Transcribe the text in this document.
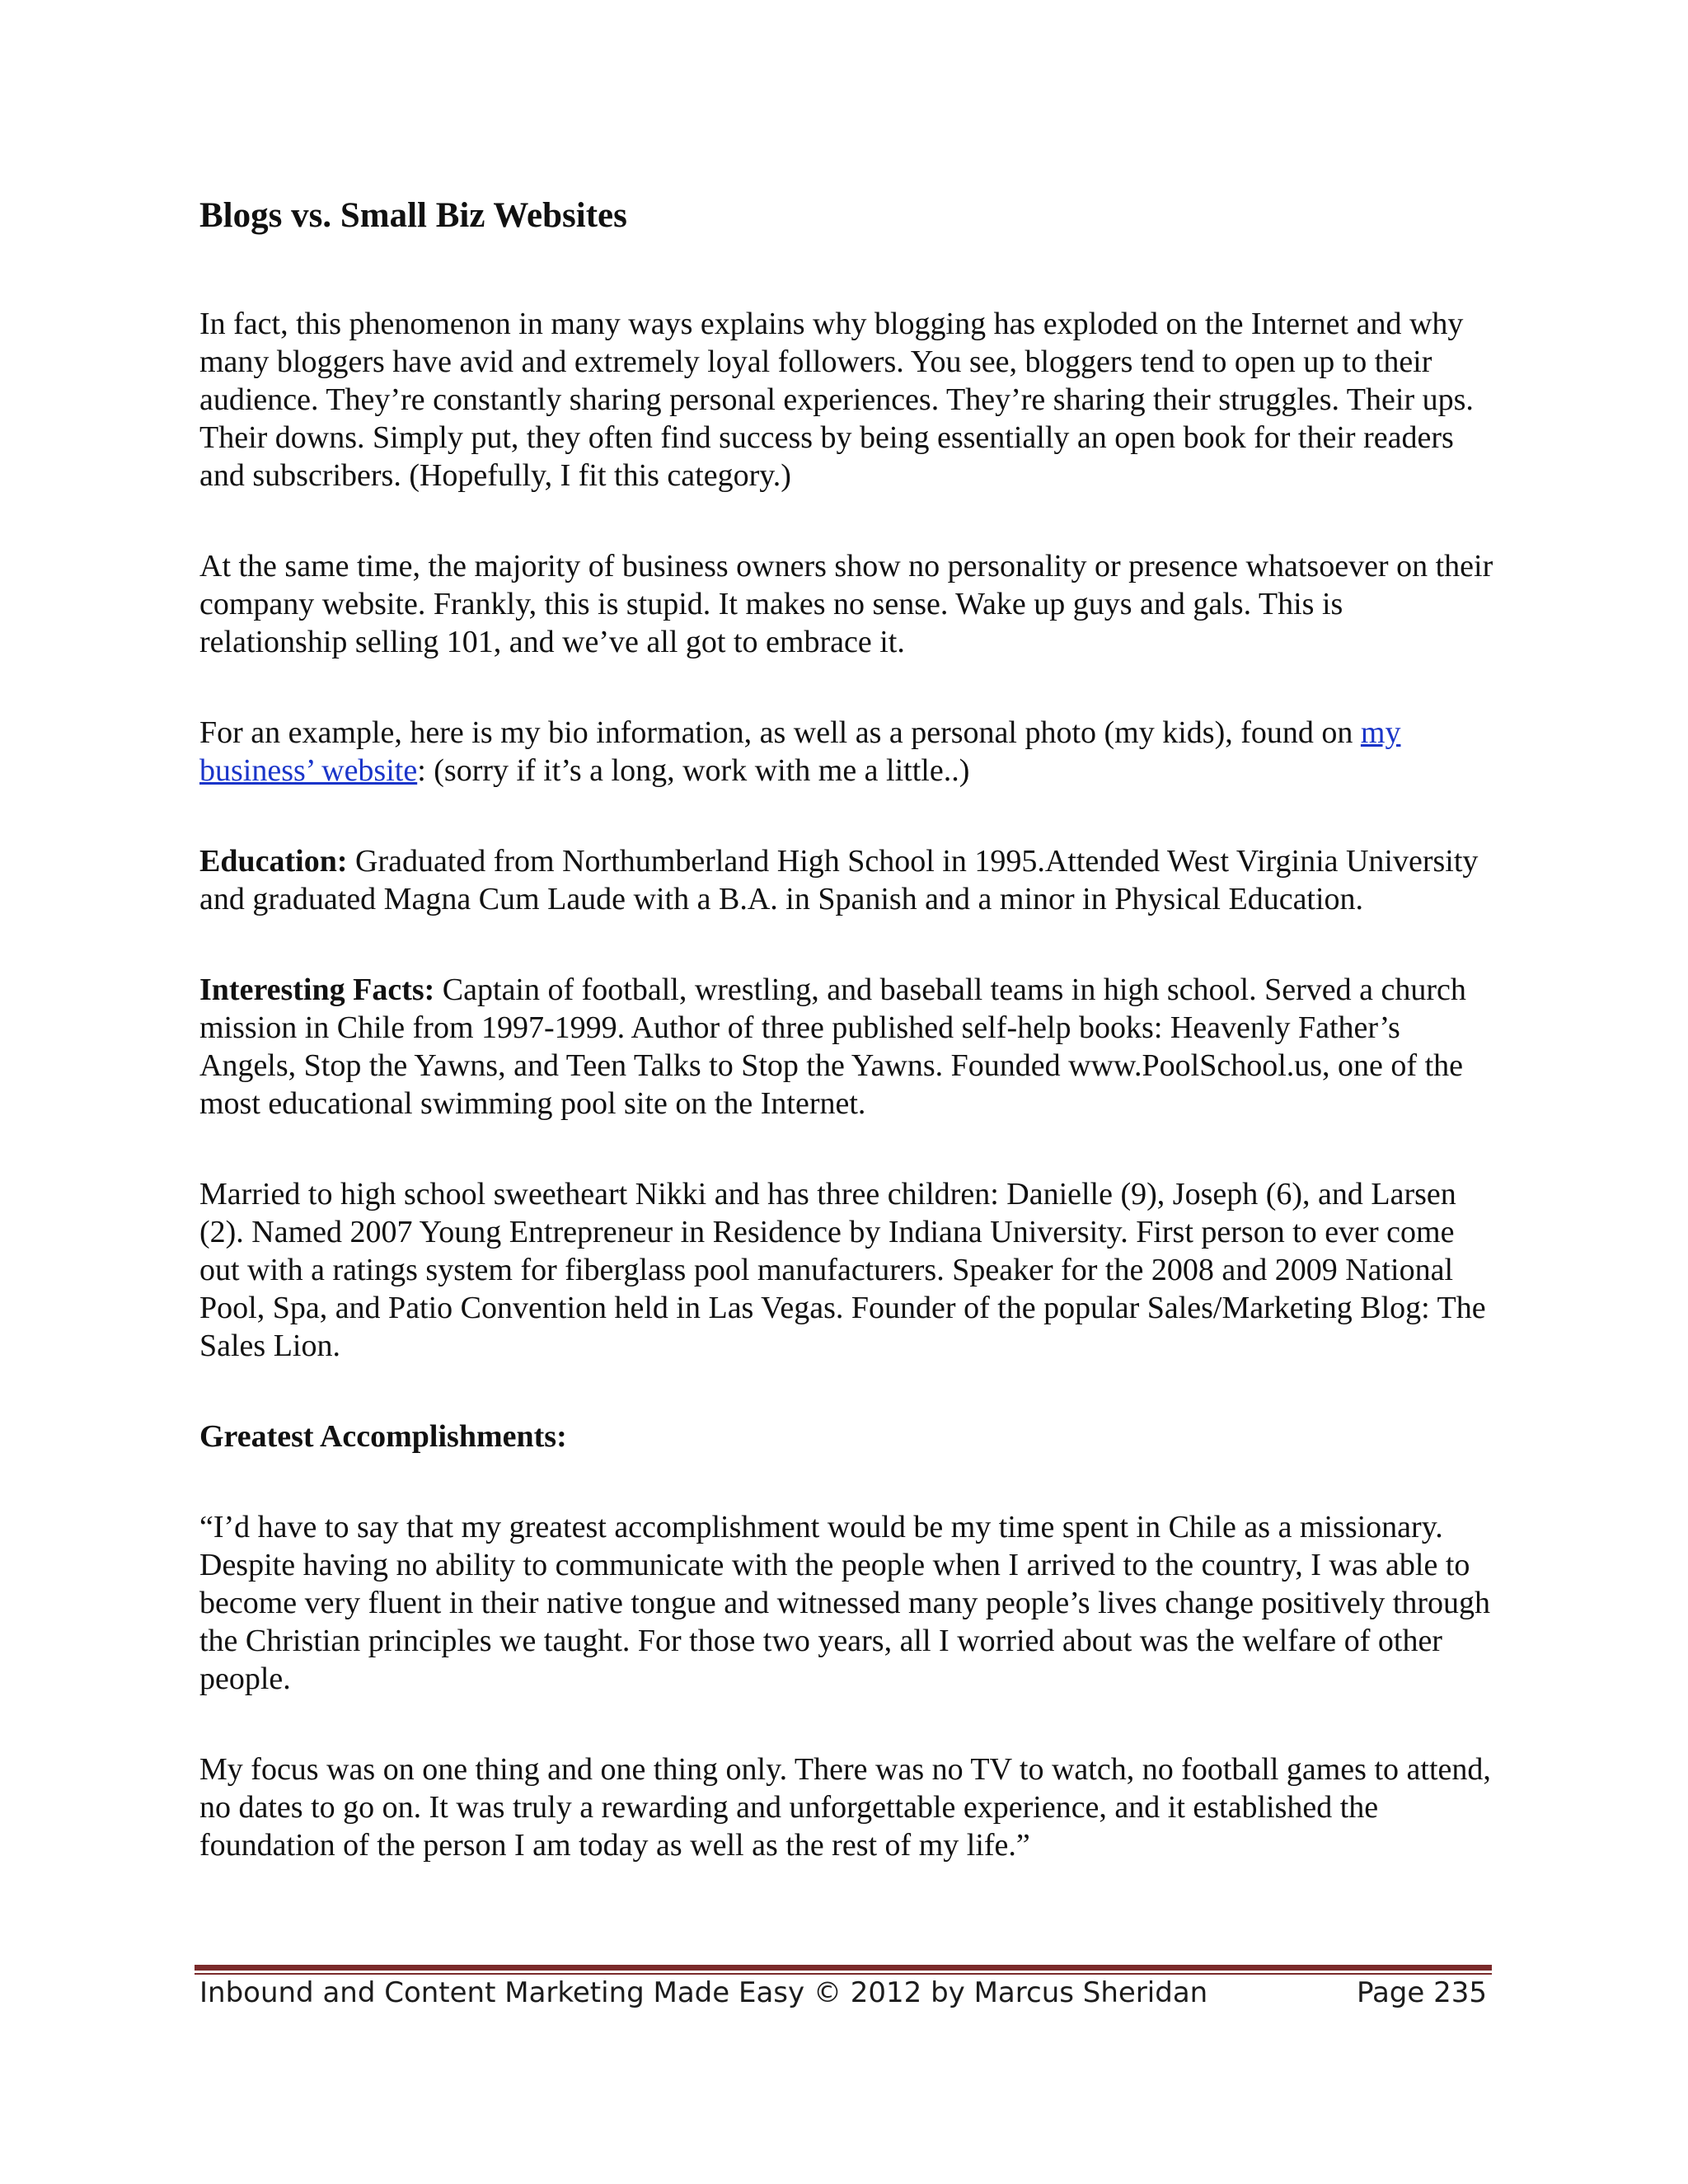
Blogs vs. Small Biz Websites

In fact, this phenomenon in many ways explains why blogging has exploded on the Internet and why many bloggers have avid and extremely loyal followers. You see, bloggers tend to open up to their audience. They’re constantly sharing personal experiences. They’re sharing their struggles. Their ups. Their downs. Simply put, they often find success by being essentially an open book for their readers and subscribers. (Hopefully, I fit this category.)

At the same time, the majority of business owners show no personality or presence whatsoever on their company website. Frankly, this is stupid. It makes no sense. Wake up guys and gals. This is relationship selling 101, and we’ve all got to embrace it.

For an example, here is my bio information, as well as a personal photo (my kids), found on my business’ website: (sorry if it’s a long, work with me a little..)

Education: Graduated from Northumberland High School in 1995.Attended West Virginia University and graduated Magna Cum Laude with a B.A. in Spanish and a minor in Physical Education.

Interesting Facts: Captain of football, wrestling, and baseball teams in high school. Served a church mission in Chile from 1997-1999. Author of three published self-help books: Heavenly Father’s Angels, Stop the Yawns, and Teen Talks to Stop the Yawns. Founded www.PoolSchool.us, one of the most educational swimming pool site on the Internet.

Married to high school sweetheart Nikki and has three children: Danielle (9), Joseph (6), and Larsen (2). Named 2007 Young Entrepreneur in Residence by Indiana University. First person to ever come out with a ratings system for fiberglass pool manufacturers. Speaker for the 2008 and 2009 National Pool, Spa, and Patio Convention held in Las Vegas. Founder of the popular Sales/Marketing Blog: The Sales Lion.

Greatest Accomplishments:

“I’d have to say that my greatest accomplishment would be my time spent in Chile as a missionary. Despite having no ability to communicate with the people when I arrived to the country, I was able to become very fluent in their native tongue and witnessed many people’s lives change positively through the Christian principles we taught. For those two years, all I worried about was the welfare of other people.

My focus was on one thing and one thing only. There was no TV to watch, no football games to attend, no dates to go on. It was truly a rewarding and unforgettable experience, and it established the foundation of the person I am today as well as the rest of my life.”

Inbound and Content Marketing Made Easy © 2012 by Marcus Sheridan	Page 235
